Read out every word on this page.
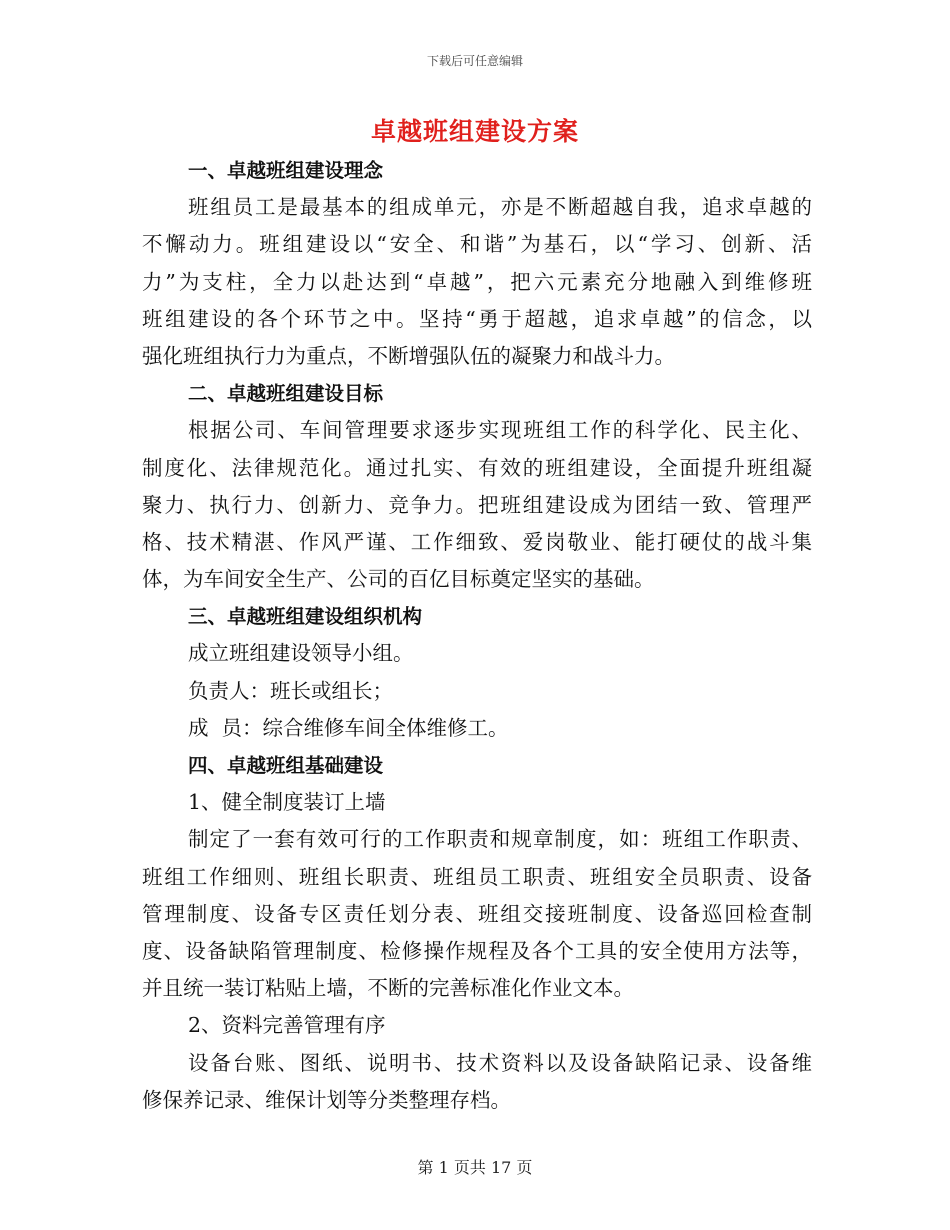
下载后可任意编辑
卓越班组建设方案
一、卓越班组建设理念
班组员工是最基本的组成单元，亦是不断超越自我，追求卓越的
不懈动力。班组建设以“安全、和谐”为基石，以“学习、创新、活
力”为支柱，全力以赴达到“卓越”，把六元素充分地融入到维修班
班组建设的各个环节之中。坚持“勇于超越，追求卓越”的信念，以
强化班组执行力为重点，不断增强队伍的凝聚力和战斗力。
二、卓越班组建设目标
根据公司、车间管理要求逐步实现班组工作的科学化、民主化、
制度化、法律规范化。通过扎实、有效的班组建设，全面提升班组凝
聚力、执行力、创新力、竞争力。把班组建设成为团结一致、管理严
格、技术精湛、作风严谨、工作细致、爱岗敬业、能打硬仗的战斗集
体，为车间安全生产、公司的百亿目标奠定坚实的基础。
三、卓越班组建设组织机构
成立班组建设领导小组。
负责人：班长或组长；
成  员：综合维修车间全体维修工。
四、卓越班组基础建设
1、健全制度装订上墙
制定了一套有效可行的工作职责和规章制度，如：班组工作职责、
班组工作细则、班组长职责、班组员工职责、班组安全员职责、设备
管理制度、设备专区责任划分表、班组交接班制度、设备巡回检查制
度、设备缺陷管理制度、检修操作规程及各个工具的安全使用方法等，
并且统一装订粘贴上墙，不断的完善标准化作业文本。
2、资料完善管理有序
设备台账、图纸、说明书、技术资料以及设备缺陷记录、设备维
修保养记录、维保计划等分类整理存档。
第 1 页共 17 页
